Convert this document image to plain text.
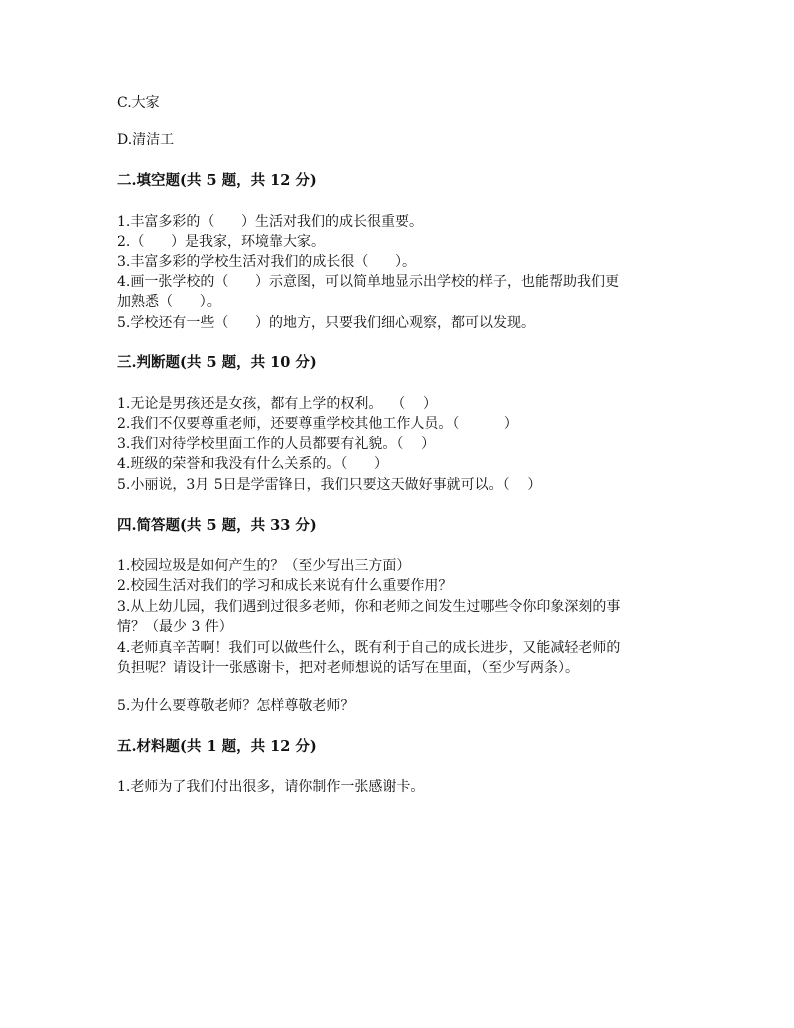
C.大家
D.清洁工
二.填空题(共 5 题，共 12 分)
1.丰富多彩的（      ）生活对我们的成长很重要。
2.（      ）是我家，环境靠大家。
3.丰富多彩的学校生活对我们的成长很（      ）。
4.画一张学校的（      ）示意图，可以简单地显示出学校的样子，也能帮助我们更
加熟悉（      ）。
5.学校还有一些（      ）的地方，只要我们细心观察，都可以发现。
三.判断题(共 5 题，共 10 分)
1.无论是男孩还是女孩，都有上学的权利。  （    ）
2.我们不仅要尊重老师，还要尊重学校其他工作人员。（          ）
3.我们对待学校里面工作的人员都要有礼貌。（    ）
4.班级的荣誉和我没有什么关系的。（      ）
5.小丽说，3月 5日是学雷锋日，我们只要这天做好事就可以。（    ）
四.简答题(共 5 题，共 33 分)
1.校园垃圾是如何产生的？（至少写出三方面）
2.校园生活对我们的学习和成长来说有什么重要作用？
3.从上幼儿园，我们遇到过很多老师，你和老师之间发生过哪些令你印象深刻的事
情？（最少 3 件）
4.老师真辛苦啊！我们可以做些什么，既有利于自己的成长进步，又能减轻老师的
负担呢？请设计一张感谢卡，把对老师想说的话写在里面，（至少写两条）。
5.为什么要尊敬老师？怎样尊敬老师？
五.材料题(共 1 题，共 12 分)
1.老师为了我们付出很多，请你制作一张感谢卡。
